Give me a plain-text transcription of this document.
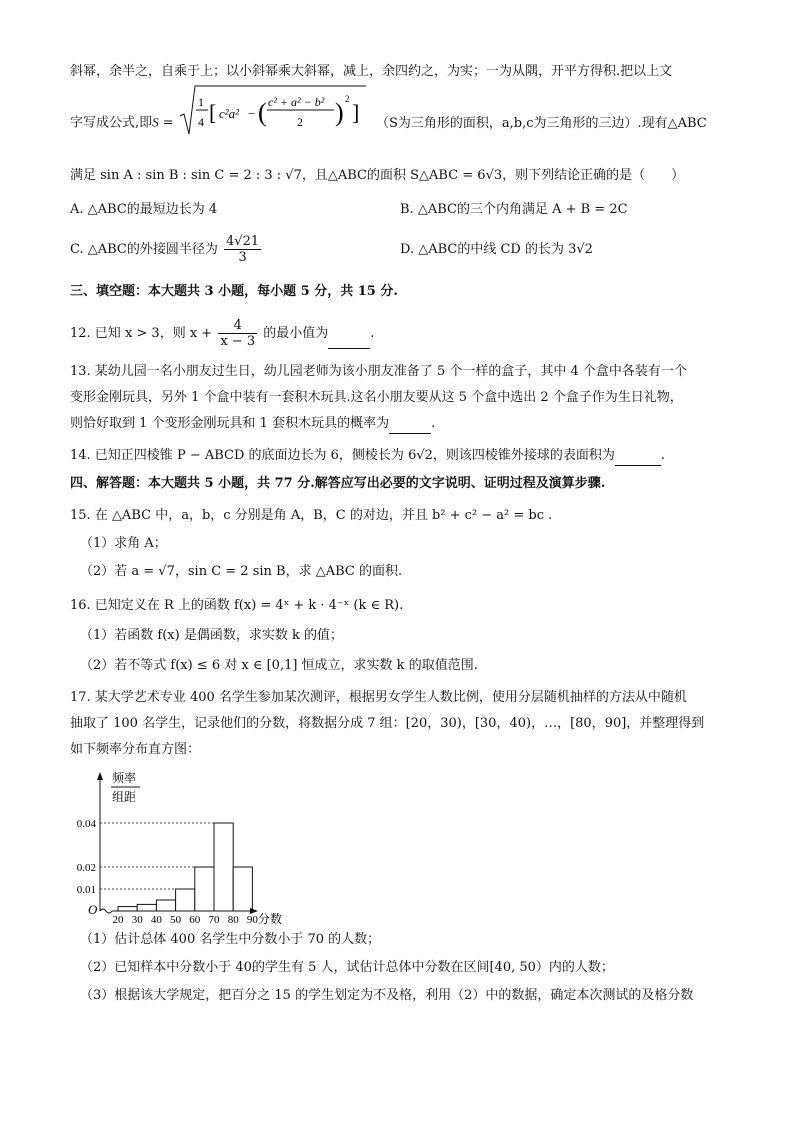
斜幂，余半之，自乘于上；以小斜幂乘大斜幂，减上，余四约之，为实；一为从隅，开平方得积.把以上文
字写成公式,即S =
1
4 [ c²a² − ( c² + a² − b²
2 ) 2
] （S为三角形的面积，a,b,c为三角形的三边）.现有△ABC
满足 sin A : sin B : sin C = 2 : 3 : √7，且△ABC的面积 S△ABC = 6√3，则下列结论正确的是（　　）
A. △ABC的最短边长为 4	B. △ABC的三个内角满足 A + B = 2C
C. △ABC的外接圆半径为 $\frac{4√21}{3}$	D. △ABC的中线 CD 的长为 3√2
三、填空题：本大题共 3 小题，每小题 5 分，共 15 分.
12. 已知 x > 3，则 $x + \frac{4}{x - 3}$ 的最小值为	.
13. 某幼儿园一名小朋友过生日，幼儿园老师为该小朋友准备了 5 个一样的盒子，其中 4 个盒中各装有一个
变形金刚玩具，另外 1 个盒中装有一套积木玩具.这名小朋友要从这 5 个盒中选出 2 个盒子作为生日礼物，
则恰好取到 1 个变形金刚玩具和 1 套积木玩具的概率为	.
14. 已知正四棱锥 P − ABCD 的底面边长为 6，侧棱长为 6√2，则该四棱锥外接球的表面积为	.
四、解答题：本大题共 5 小题，共 77 分.解答应写出必要的文字说明、证明过程及演算步骤.
15. 在 △ABC 中，a，b，c 分别是角 A，B，C 的对边，并且 b² + c² − a² = bc .
（1）求角 A；
（2）若 a = √7，sin C = 2 sin B，求 △ABC 的面积.
16. 已知定义在 R 上的函数 f(x) = 4ˣ + k · 4⁻ˣ (k ∈ R).
（1）若函数 f(x) 是偶函数，求实数 k 的值；
（2）若不等式 f(x) ≤ 6 对 x ∈ [0,1] 恒成立，求实数 k 的取值范围.
17. 某大学艺术专业 400 名学生参加某次测评，根据男女学生人数比例，使用分层随机抽样的方法从中随机
抽取了 100 名学生，记录他们的分数，将数据分成 7 组：[20，30)，[30，40)，…，[80，90]，并整理得到
如下频率分布直方图：
频率
组距
O
分数
20 30 40 50 60 70 80 90
0.01
0.02
0.04
（1）估计总体 400 名学生中分数小于 70 的人数；
（2）已知样本中分数小于 40的学生有 5 人，试估计总体中分数在区间[40, 50）内的人数；
（3）根据该大学规定，把百分之 15 的学生划定为不及格，利用（2）中的数据，确定本次测试的及格分数
